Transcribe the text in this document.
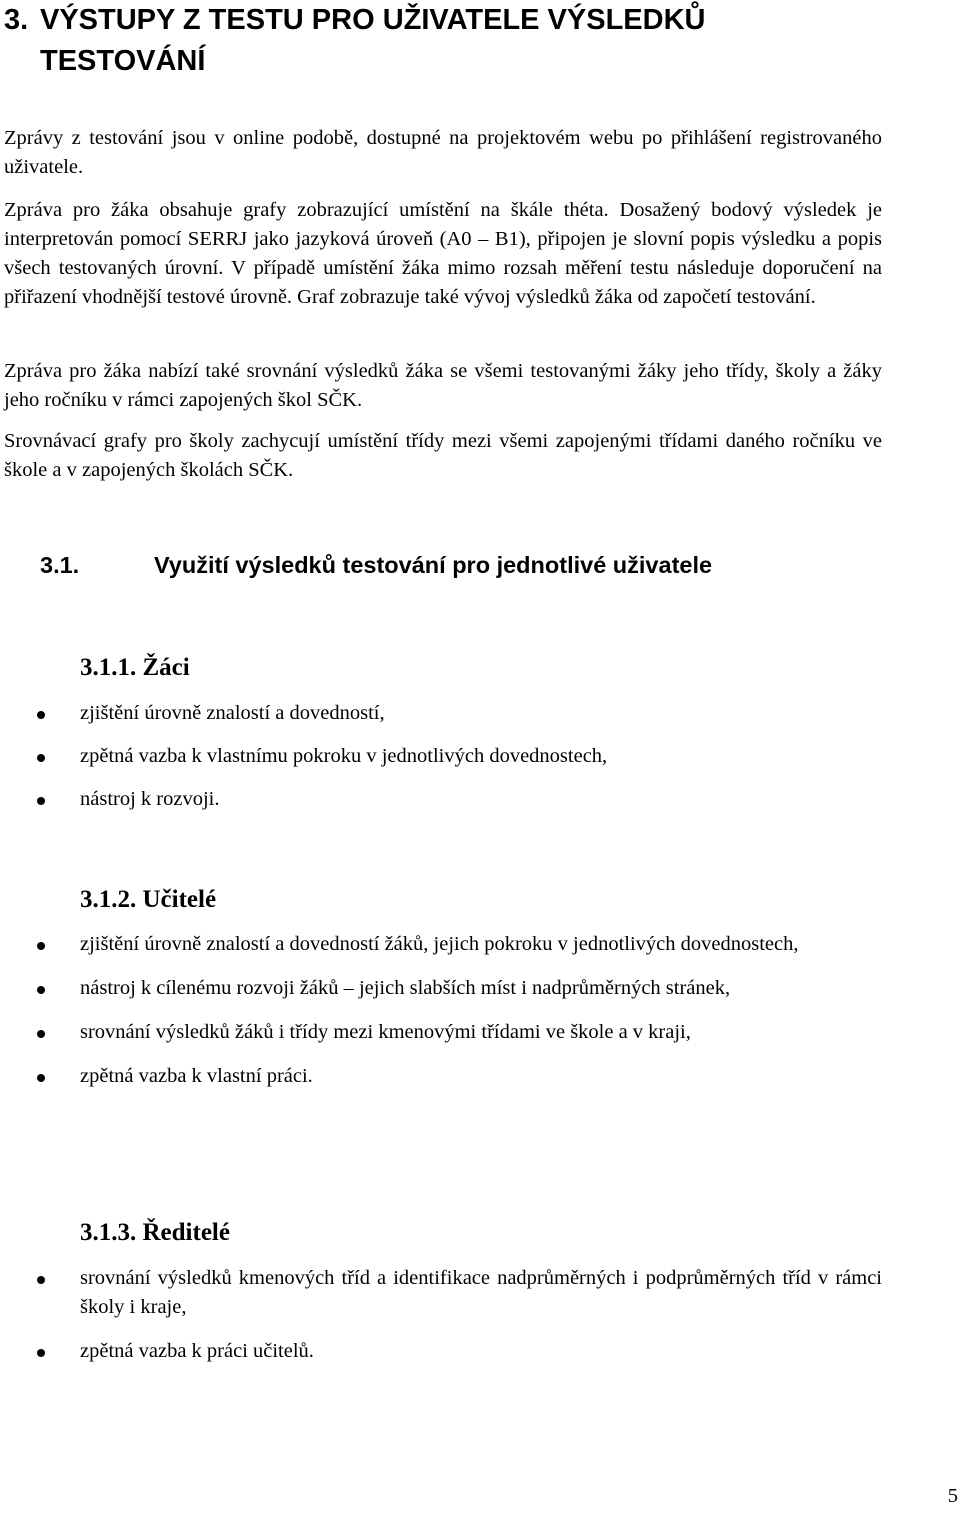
3. VÝSTUPY Z TESTU PRO UŽIVATELE VÝSLEDKŮ
TESTOVÁNÍ

Zprávy z testování jsou v online podobě, dostupné na projektovém webu po přihlášení registrovaného uživatele.

Zpráva pro žáka obsahuje grafy zobrazující umístění na škále théta. Dosažený bodový výsledek je interpretován pomocí SERRJ jako jazyková úroveň (A0 – B1), připojen je slovní popis výsledku a popis všech testovaných úrovní. V případě umístění žáka mimo rozsah měření testu následuje doporučení na přiřazení vhodnější testové úrovně. Graf zobrazuje také vývoj výsledků žáka od započetí testování.

Zpráva pro žáka nabízí také srovnání výsledků žáka se všemi testovanými žáky jeho třídy, školy a žáky jeho ročníku v rámci zapojených škol SČK.

Srovnávací grafy pro školy zachycují umístění třídy mezi všemi zapojenými třídami daného ročníku ve škole a v zapojených školách SČK.

3.1.	Využití výsledků testování pro jednotlivé uživatele
3.1.1. Žáci
zjištění úrovně znalostí a dovedností,
zpětná vazba k vlastnímu pokroku v jednotlivých dovednostech,
nástroj k rozvoji.
3.1.2. Učitelé
zjištění úrovně znalostí a dovedností žáků, jejich pokroku v jednotlivých dovednostech,
nástroj k cílenému rozvoji žáků – jejich slabších míst i nadprůměrných stránek,
srovnání výsledků žáků i třídy mezi kmenovými třídami ve škole a v kraji,
zpětná vazba k vlastní práci.
3.1.3. Ředitelé
srovnání výsledků kmenových tříd a identifikace nadprůměrných i podprůměrných tříd v rámci školy i kraje,
zpětná vazba k práci učitelů.
5
